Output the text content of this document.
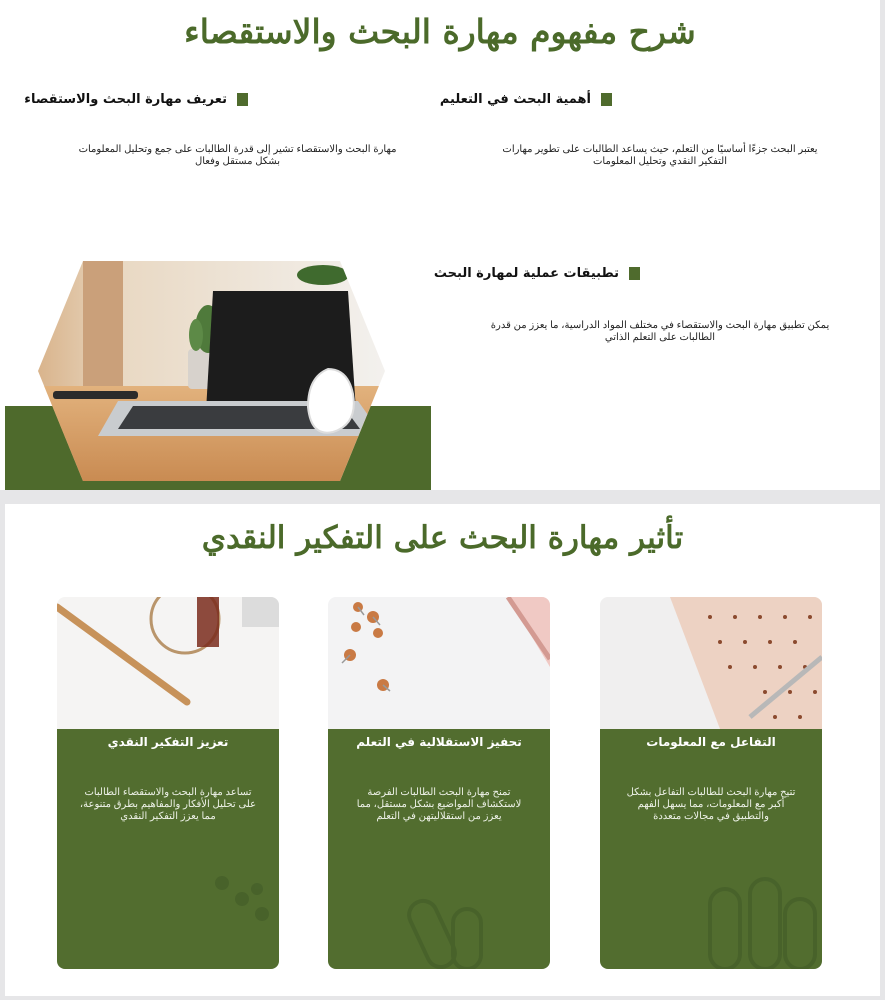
شرح مفهوم مهارة البحث والاستقصاء
أهمية البحث في التعليم

يعتبر البحث جزءًا أساسيًا من التعلم، حيث يساعد الطالبات على تطوير مهارات التفكير النقدي وتحليل المعلومات

تعريف مهارة البحث والاستقصاء

مهارة البحث والاستقصاء تشير إلى قدرة الطالبات على جمع وتحليل المعلومات بشكل مستقل وفعال

تطبيقات عملية لمهارة البحث

يمكن تطبيق مهارة البحث والاستقصاء في مختلف المواد الدراسية، ما يعزز من قدرة الطالبات على التعلم الذاتي

تأثير مهارة البحث على التفكير النقدي
التفاعل مع المعلومات

تتيح مهارة البحث للطالبات التفاعل بشكل أكبر مع المعلومات، مما يسهل الفهم والتطبيق في مجالات متعددة

تحفيز الاستقلالية في التعلم

تمنح مهارة البحث الطالبات الفرصة لاستكشاف المواضيع بشكل مستقل، مما يعزز من استقلاليتهن في التعلم

تعزيز التفكير النقدي

تساعد مهارة البحث والاستقصاء الطالبات على تحليل الأفكار والمفاهيم بطرق متنوعة، مما يعزز التفكير النقدي
